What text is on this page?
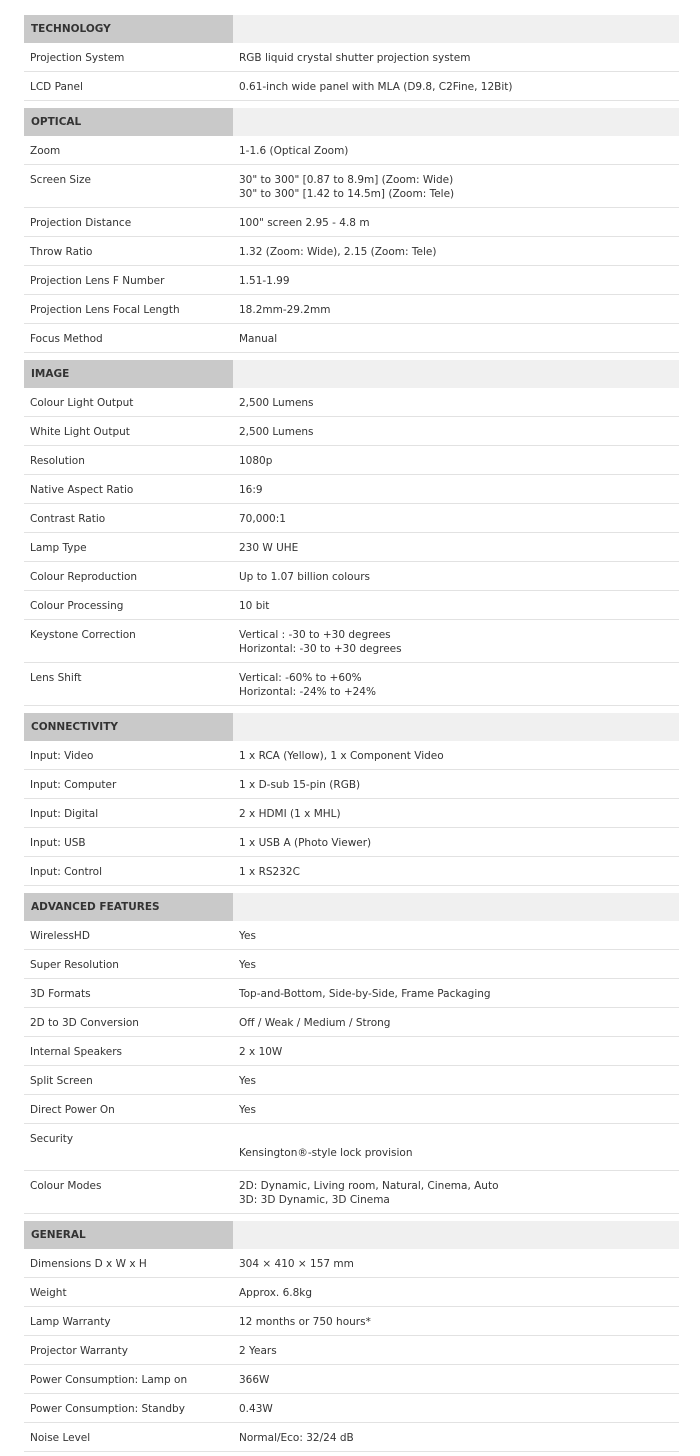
TECHNOLOGY
Projection System	RGB liquid crystal shutter projection system
LCD Panel	0.61-inch wide panel with MLA (D9.8, C2Fine, 12Bit)
OPTICAL
Zoom	1-1.6 (Optical Zoom)
Screen Size	30" to 300" [0.87 to 8.9m] (Zoom: Wide)
30" to 300" [1.42 to 14.5m] (Zoom: Tele)
Projection Distance	100" screen 2.95 - 4.8 m
Throw Ratio	1.32 (Zoom: Wide), 2.15 (Zoom: Tele)
Projection Lens F Number	1.51-1.99
Projection Lens Focal Length	18.2mm-29.2mm
Focus Method	Manual
IMAGE
Colour Light Output	2,500 Lumens
White Light Output	2,500 Lumens
Resolution	1080p
Native Aspect Ratio	16:9
Contrast Ratio	70,000:1
Lamp Type	230 W UHE
Colour Reproduction	Up to 1.07 billion colours
Colour Processing	10 bit
Keystone Correction	Vertical : -30 to +30 degrees
Horizontal: -30 to +30 degrees
Lens Shift	Vertical: -60% to +60%
Horizontal: -24% to +24%
CONNECTIVITY
Input: Video	1 x RCA (Yellow), 1 x Component Video
Input: Computer	1 x D-sub 15-pin (RGB)
Input: Digital	2 x HDMI (1 x MHL)
Input: USB	1 x USB A (Photo Viewer)
Input: Control	1 x RS232C
ADVANCED FEATURES
WirelessHD	Yes
Super Resolution	Yes
3D Formats	Top-and-Bottom, Side-by-Side, Frame Packaging
2D to 3D Conversion	Off / Weak / Medium / Strong
Internal Speakers	2 x 10W
Split Screen	Yes
Direct Power On	Yes
Security
Kensington®-style lock provision
Colour Modes	2D: Dynamic, Living room, Natural, Cinema, Auto
3D: 3D Dynamic, 3D Cinema
GENERAL
Dimensions D x W x H	304 × 410 × 157 mm
Weight	Approx. 6.8kg
Lamp Warranty	12 months or 750 hours*
Projector Warranty	2 Years
Power Consumption: Lamp on	366W
Power Consumption: Standby	0.43W
Noise Level	Normal/Eco: 32/24 dB
